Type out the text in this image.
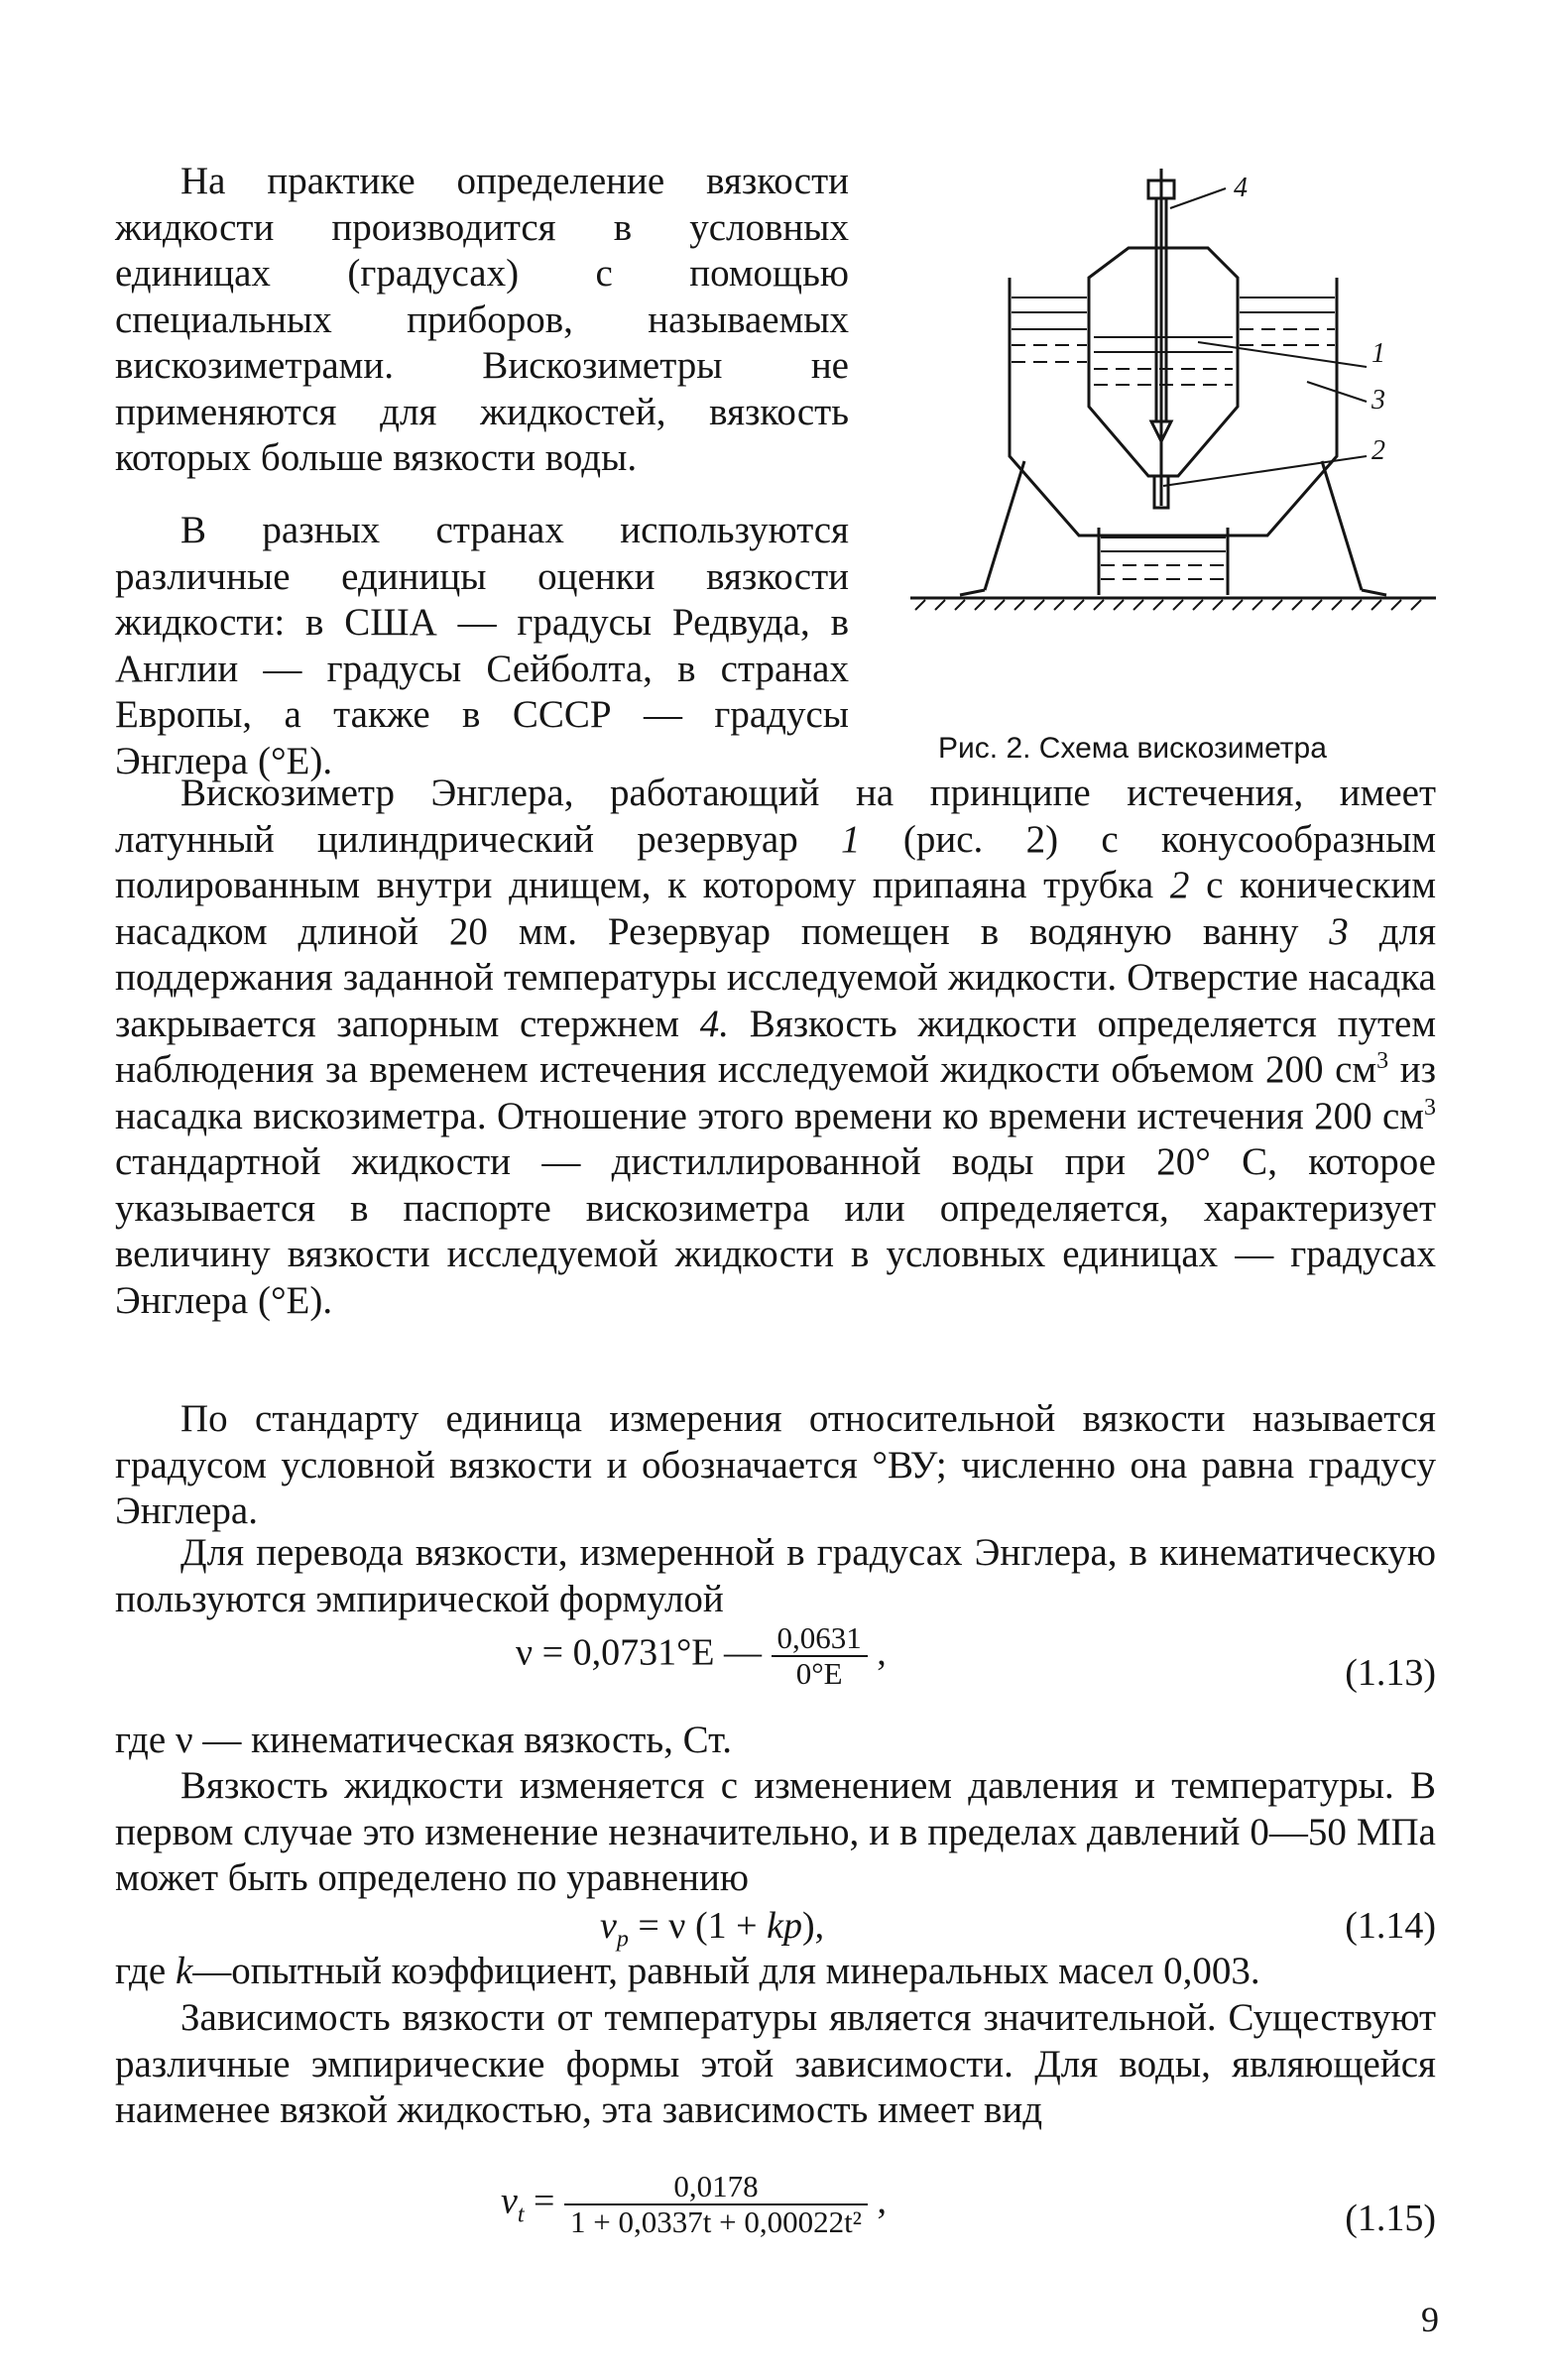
На практике определение вязкости жидкости производится в условных единицах (градусах) с помощью специальных приборов, называемых вискозиметрами. Вискозиметры не применяются для жидкостей, вязкость которых больше вязкости воды.

В разных странах используются различные единицы оценки вязкости жидкости: в США — градусы Редвуда, в Англии — градусы Сейболта, в странах Европы, а также в СССР — градусы Энглера (°Е).

Вискозиметр Энглера, работающий на принципе истечения, имеет латунный цилиндрический резервуар 1 (рис. 2) с конусообразным полированным внутри днищем, к которому припаяна трубка 2 с коническим насадком длиной 20 мм. Резервуар помещен в водяную ванну 3 для поддержания заданной температуры исследуемой жидкости. Отверстие насадка закрывается запорным стержнем 4. Вязкость жидкости определяется путем наблюдения за временем истечения исследуемой жидкости объемом 200 $см^3$ из насадка вискозиметра. Отношение этого времени ко времени истечения 200 $см^3$ стандартной жидкости — дистиллированной воды при 20° С, которое указывается в паспорте вискозиметра или определяется, характеризует величину вязкости исследуемой жидкости в условных единицах — градусах Энглера (°Е).

По стандарту единица измерения относительной вязкости называется градусом условной вязкости и обозначается °ВУ; численно она равна градусу Энглера.

Для перевода вязкости, измеренной в градусах Энглера, в кинематическую пользуются эмпирической формулой

ν = 0,0731°Е — $\frac{0,0631}{0^\circ Е}$ ,	(1.13)

где ν — кинематическая вязкость, Ст.

Вязкость жидкости изменяется с изменением давления и температуры. В первом случае это изменение незначительно, и в пределах давлений 0—50 МПа может быть определено по уравнению

$\nu_p = \nu$ (1 + kp),	(1.14)

где k—опытный коэффициент, равный для минеральных масел 0,003.

Зависимость вязкости от температуры является значительной. Существуют различные эмпирические формы этой зависимости. Для воды, являющейся наименее вязкой жидкостью, эта зависимость имеет вид

$\nu_t = \frac{0,0178}{\text{1 + 0,0337t + 0,00022t²}}$ ,	(1.15)
4
1
3
2
Рис. 2. Схема вискозиметра
9
